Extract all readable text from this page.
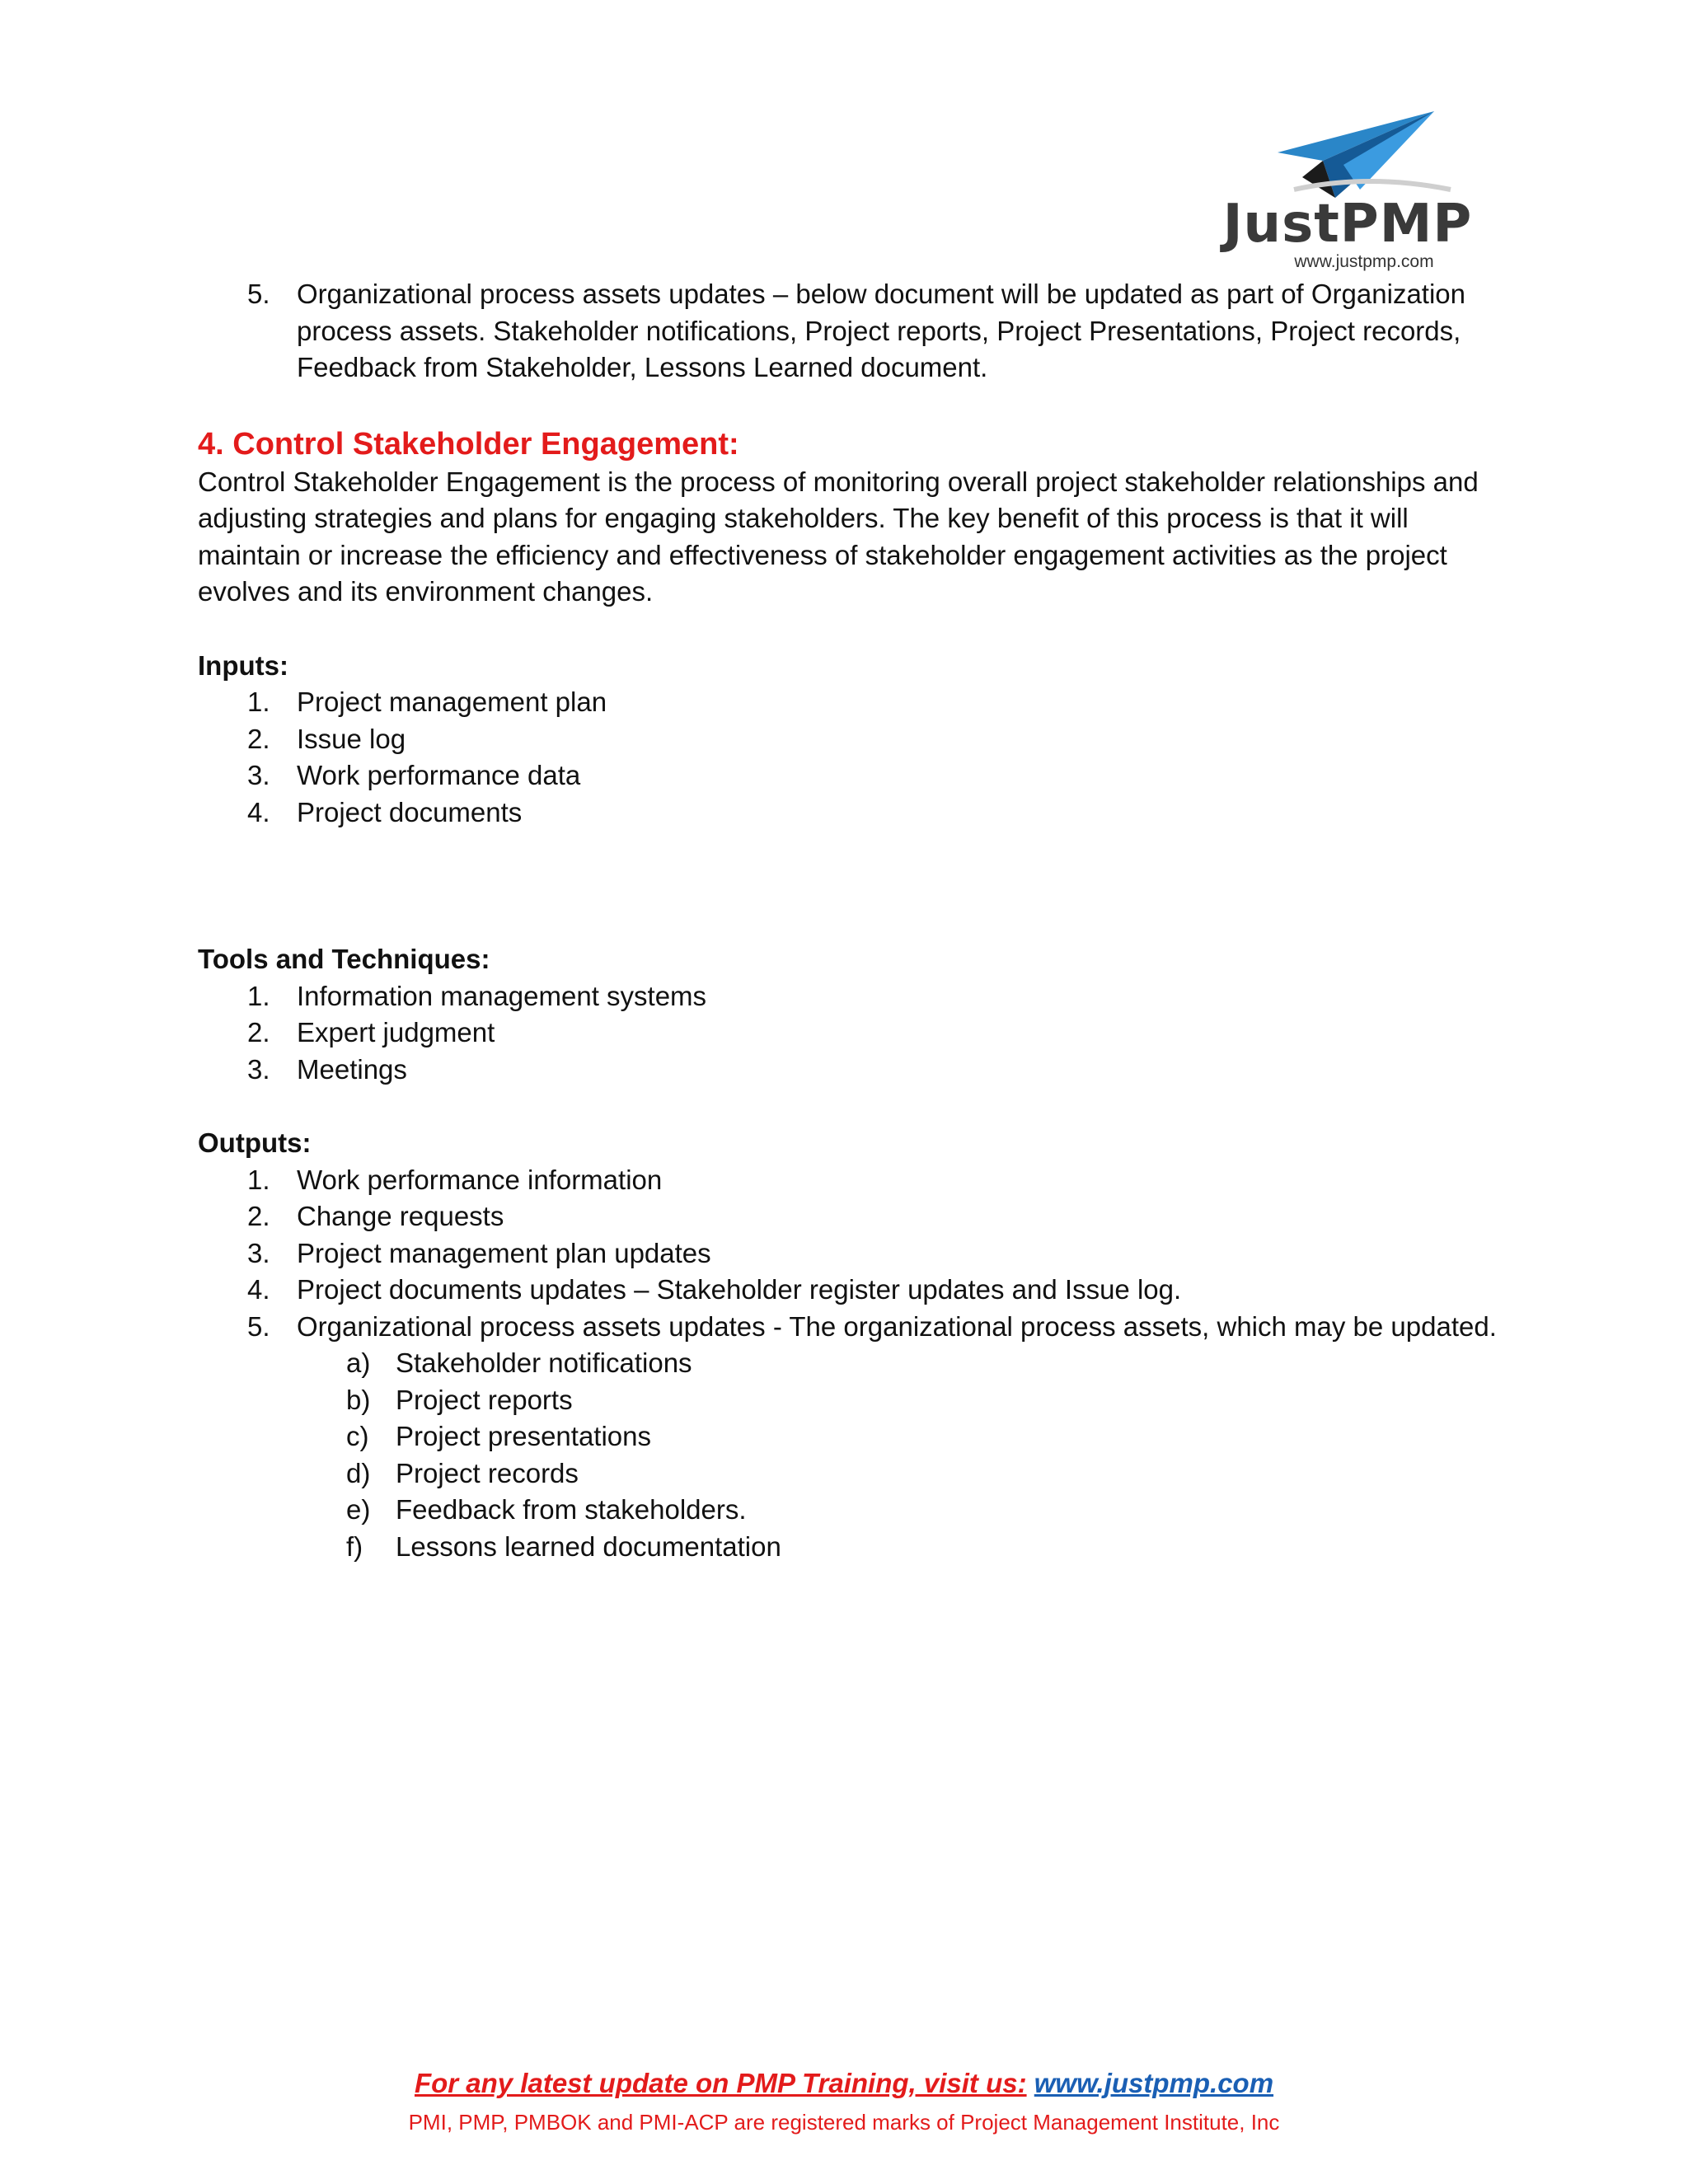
JustPMP
www.justpmp.com
5. Organizational process assets updates – below document will be updated as part of Organization process assets. Stakeholder notifications, Project reports, Project Presentations, Project records, Feedback from Stakeholder, Lessons Learned document.
4. Control Stakeholder Engagement:

Control Stakeholder Engagement is the process of monitoring overall project stakeholder relationships and adjusting strategies and plans for engaging stakeholders. The key benefit of this process is that it will maintain or increase the efficiency and effectiveness of stakeholder engagement activities as the project evolves and its environment changes.

Inputs:
1. Project management plan
2. Issue log
3. Work performance data
4. Project documents
Tools and Techniques:
1. Information management systems
2. Expert judgment
3. Meetings
Outputs:
1. Work performance information
2. Change requests
3. Project management plan updates
4. Project documents updates – Stakeholder register updates and Issue log.
5. Organizational process assets updates - The organizational process assets, which may be updated.
a) Stakeholder notifications
b) Project reports
c) Project presentations
d) Project records
e) Feedback from stakeholders.
f)	Lessons learned documentation
For any latest update on PMP Training, visit us: www.justpmp.com
PMI, PMP, PMBOK and PMI-ACP are registered marks of Project Management Institute, Inc
